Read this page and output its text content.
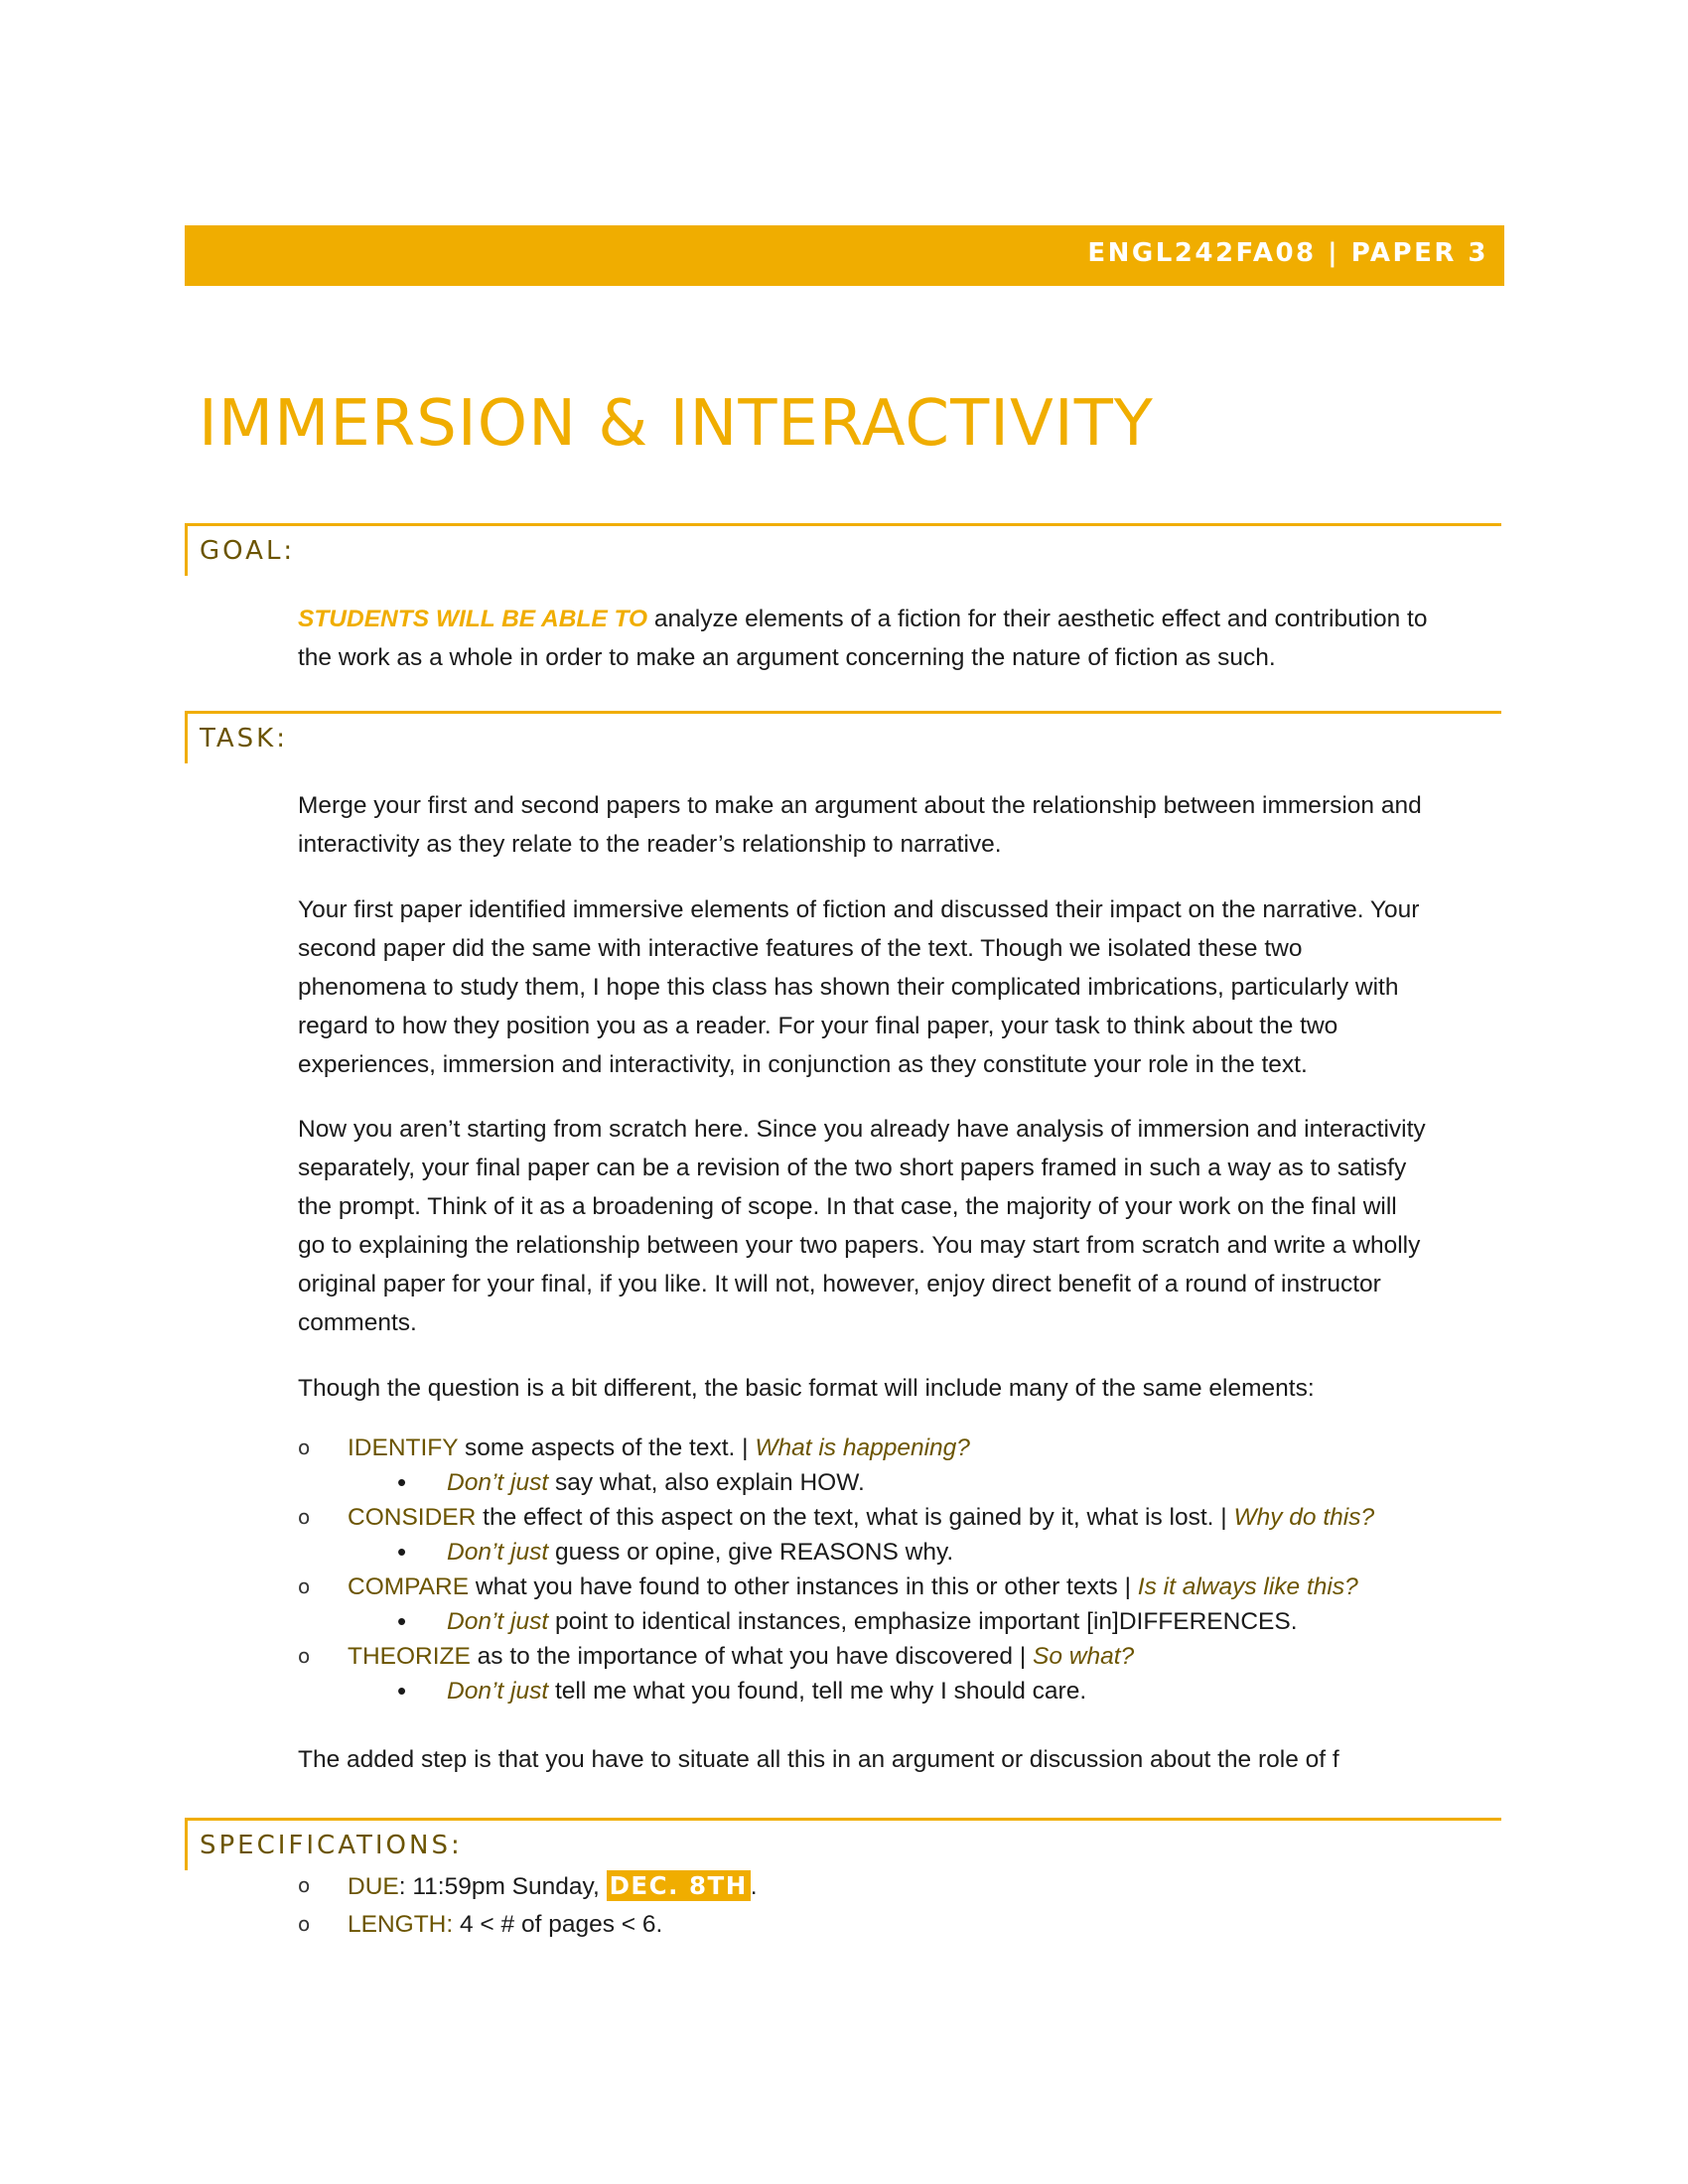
ENGL242FA08 | PAPER 3
IMMERSION & INTERACTIVITY
GOAL:

STUDENTS WILL BE ABLE TO analyze elements of a fiction for their aesthetic effect and contribution to
the work as a whole in order to make an argument concerning the nature of fiction as such.

TASK:

Merge your first and second papers to make an argument about the relationship between immersion and
interactivity as they relate to the reader’s relationship to narrative.

Your first paper identified immersive elements of fiction and discussed their impact on the narrative. Your
second paper did the same with interactive features of the text. Though we isolated these two
phenomena to study them, I hope this class has shown their complicated imbrications, particularly with
regard to how they position you as a reader. For your final paper, your task to think about the two
experiences, immersion and interactivity, in conjunction as they constitute your role in the text.

Now you aren’t starting from scratch here. Since you already have analysis of immersion and interactivity
separately, your final paper can be a revision of the two short papers framed in such a way as to satisfy
the prompt. Think of it as a broadening of scope. In that case, the majority of your work on the final will
go to explaining the relationship between your two papers. You may start from scratch and write a wholly
original paper for your final, if you like. It will not, however, enjoy direct benefit of a round of instructor
comments.

Though the question is a bit different, the basic format will include many of the same elements:

o IDENTIFY some aspects of the text. | What is happening?
• Don’t just say what, also explain HOW.
o CONSIDER the effect of this aspect on the text, what is gained by it, what is lost. | Why do this?
• Don’t just guess or opine, give REASONS why.
o COMPARE what you have found to other instances in this or other texts | Is it always like this?
• Don’t just point to identical instances, emphasize important [in]DIFFERENCES.
o THEORIZE as to the importance of what you have discovered | So what?
• Don’t just tell me what you found, tell me why I should care.

The added step is that you have to situate all this in an argument or discussion about the role of f

SPECIFICATIONS:
o DUE: 11:59pm Sunday, DEC. 8TH .
o LENGTH: 4 < # of pages < 6.
